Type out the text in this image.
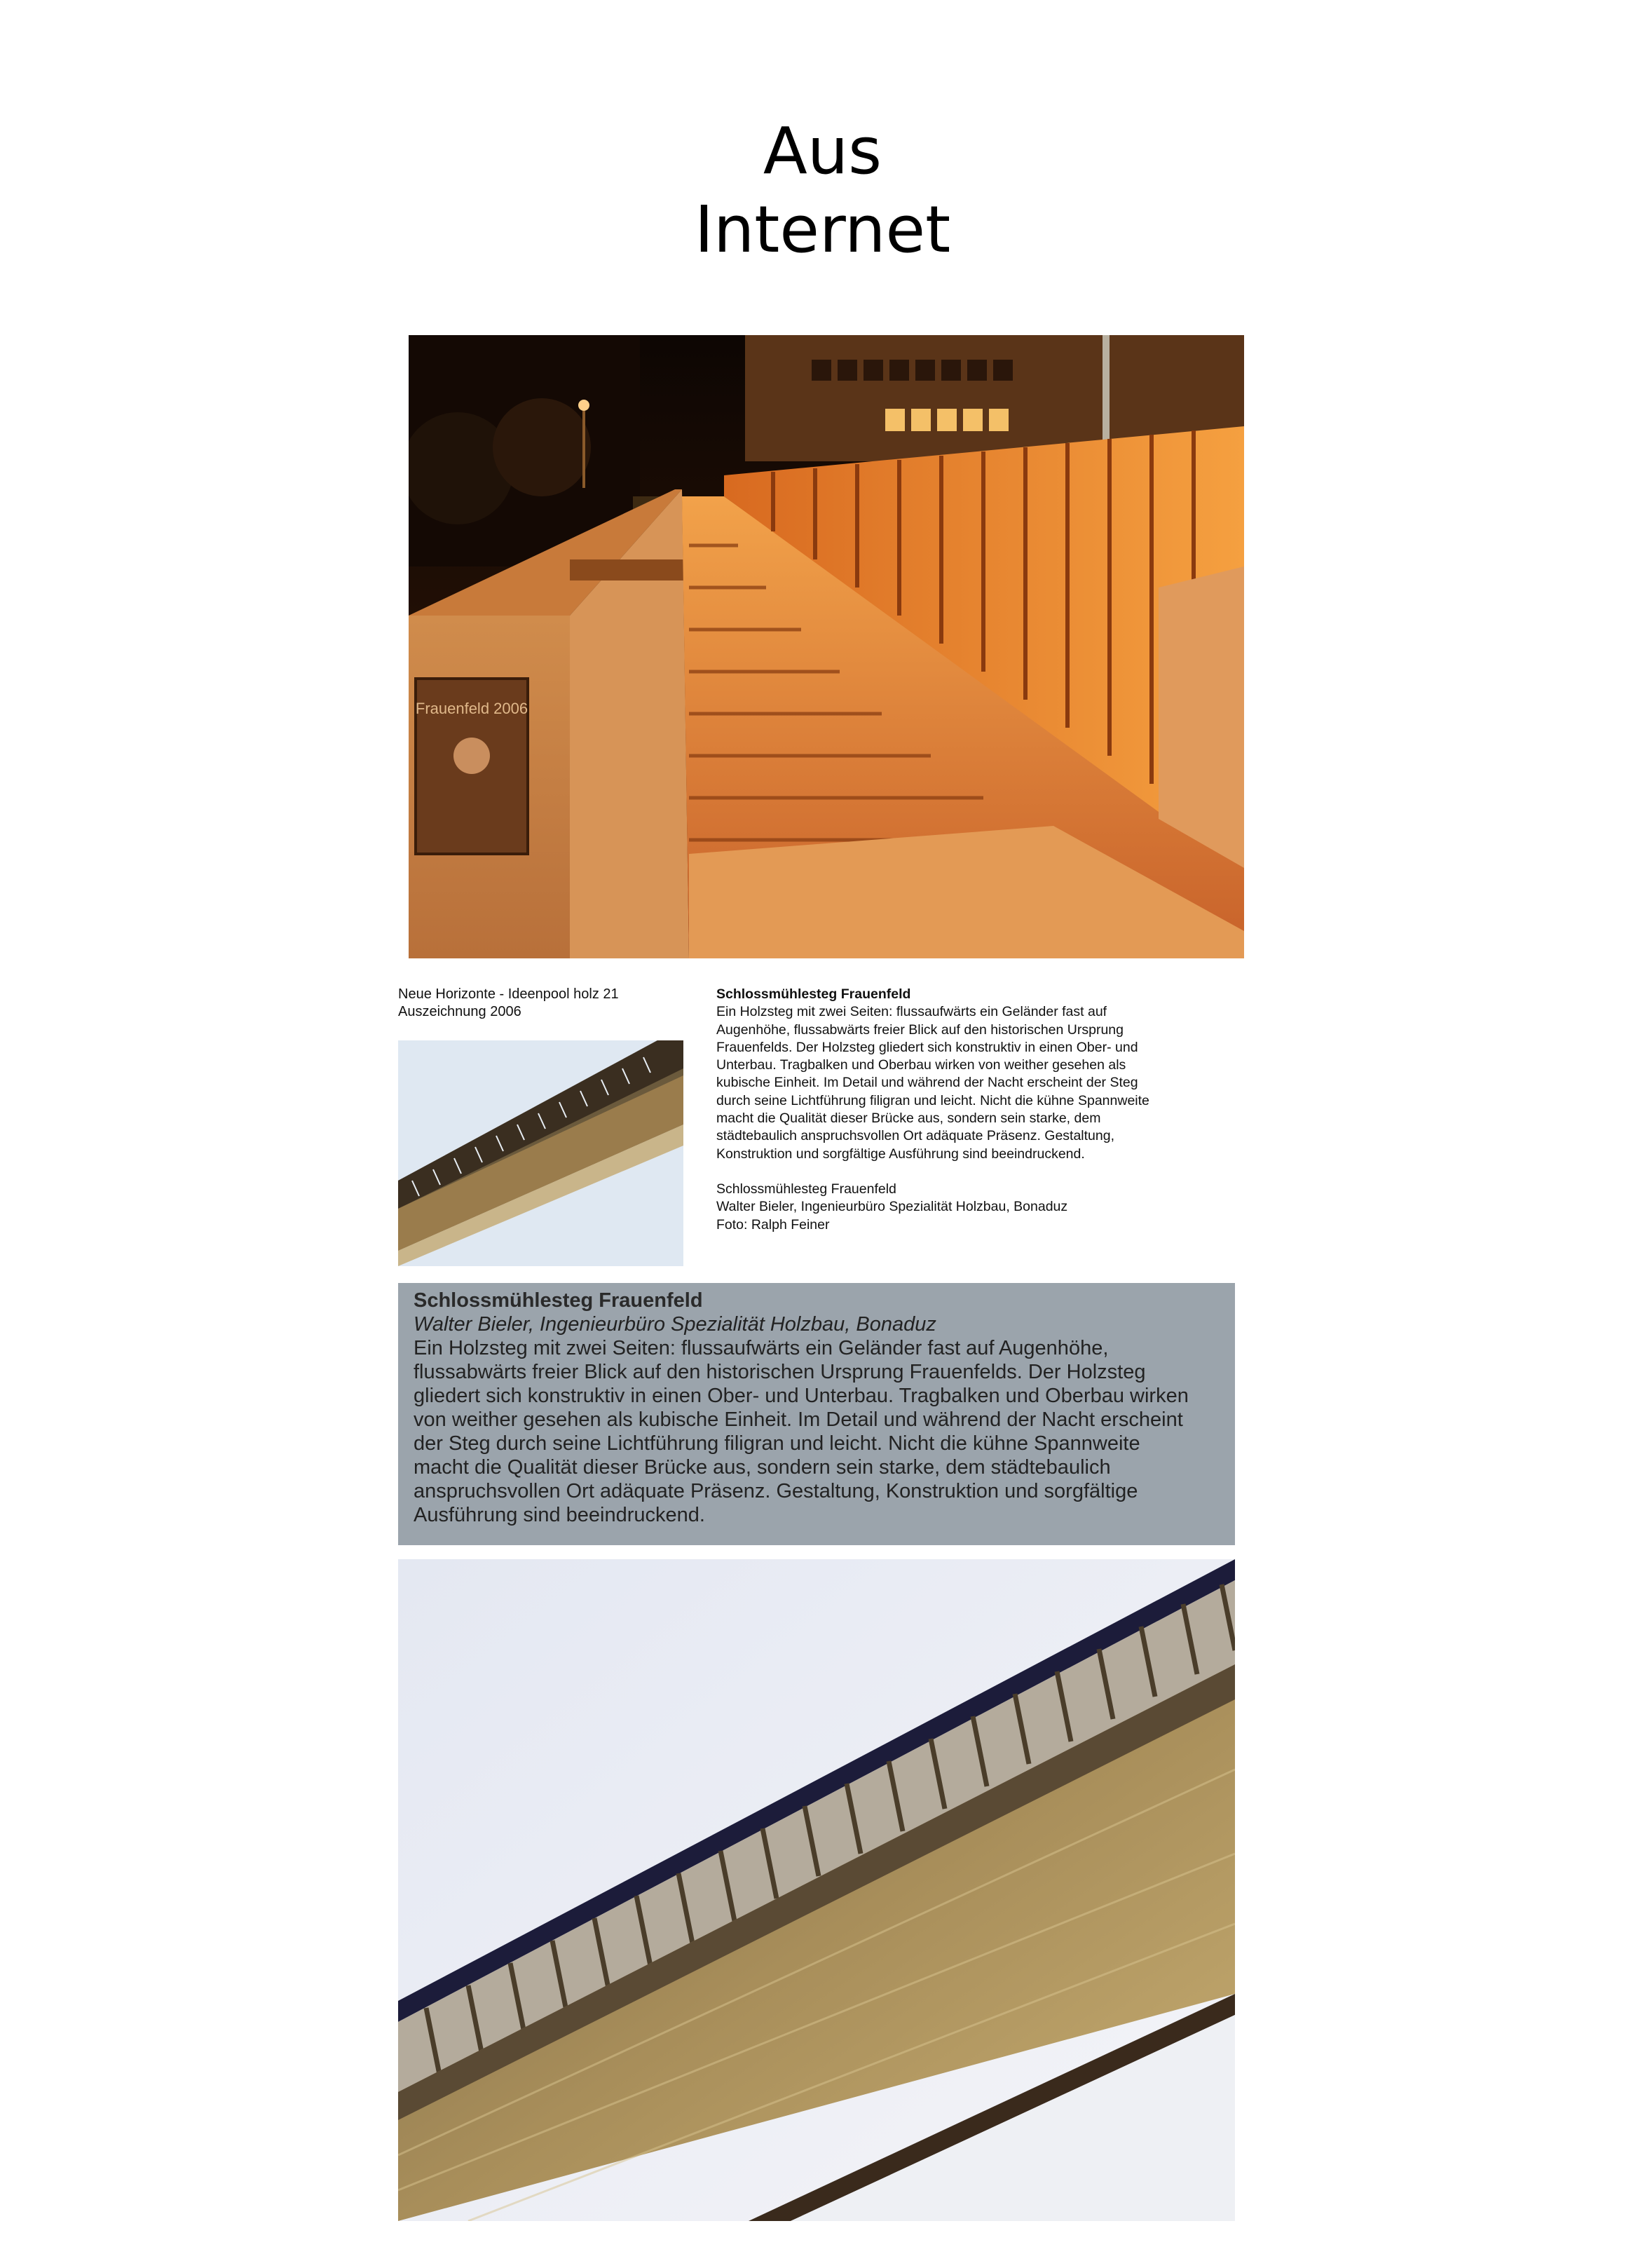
Aus
Internet
Frauenfeld 2006
Neue Horizonte - Ideenpool holz 21
Auszeichnung 2006
Schlossmühlesteg Frauenfeld
Ein Holzsteg mit zwei Seiten: flussaufwärts ein Geländer fast auf
Augenhöhe, flussabwärts freier Blick auf den historischen Ursprung
Frauenfelds. Der Holzsteg gliedert sich konstruktiv in einen Ober- und
Unterbau. Tragbalken und Oberbau wirken von weither gesehen als
kubische Einheit. Im Detail und während der Nacht erscheint der Steg
durch seine Lichtführung filigran und leicht. Nicht die kühne Spannweite
macht die Qualität dieser Brücke aus, sondern sein starke, dem
städtebaulich anspruchsvollen Ort adäquate Präsenz. Gestaltung,
Konstruktion und sorgfältige Ausführung sind beeindruckend.
Schlossmühlesteg Frauenfeld
Walter Bieler, Ingenieurbüro Spezialität Holzbau, Bonaduz
Foto: Ralph Feiner
Schlossmühlesteg Frauenfeld
Walter Bieler, Ingenieurbüro Spezialität Holzbau, Bonaduz
Ein Holzsteg mit zwei Seiten: flussaufwärts ein Geländer fast auf Augenhöhe,
flussabwärts freier Blick auf den historischen Ursprung Frauenfelds. Der Holzsteg
gliedert sich konstruktiv in einen Ober- und Unterbau. Tragbalken und Oberbau wirken
von weither gesehen als kubische Einheit. Im Detail und während der Nacht erscheint
der Steg durch seine Lichtführung filigran und leicht. Nicht die kühne Spannweite
macht die Qualität dieser Brücke aus, sondern sein starke, dem städtebaulich
anspruchsvollen Ort adäquate Präsenz. Gestaltung, Konstruktion und sorgfältige
Ausführung sind beeindruckend.
